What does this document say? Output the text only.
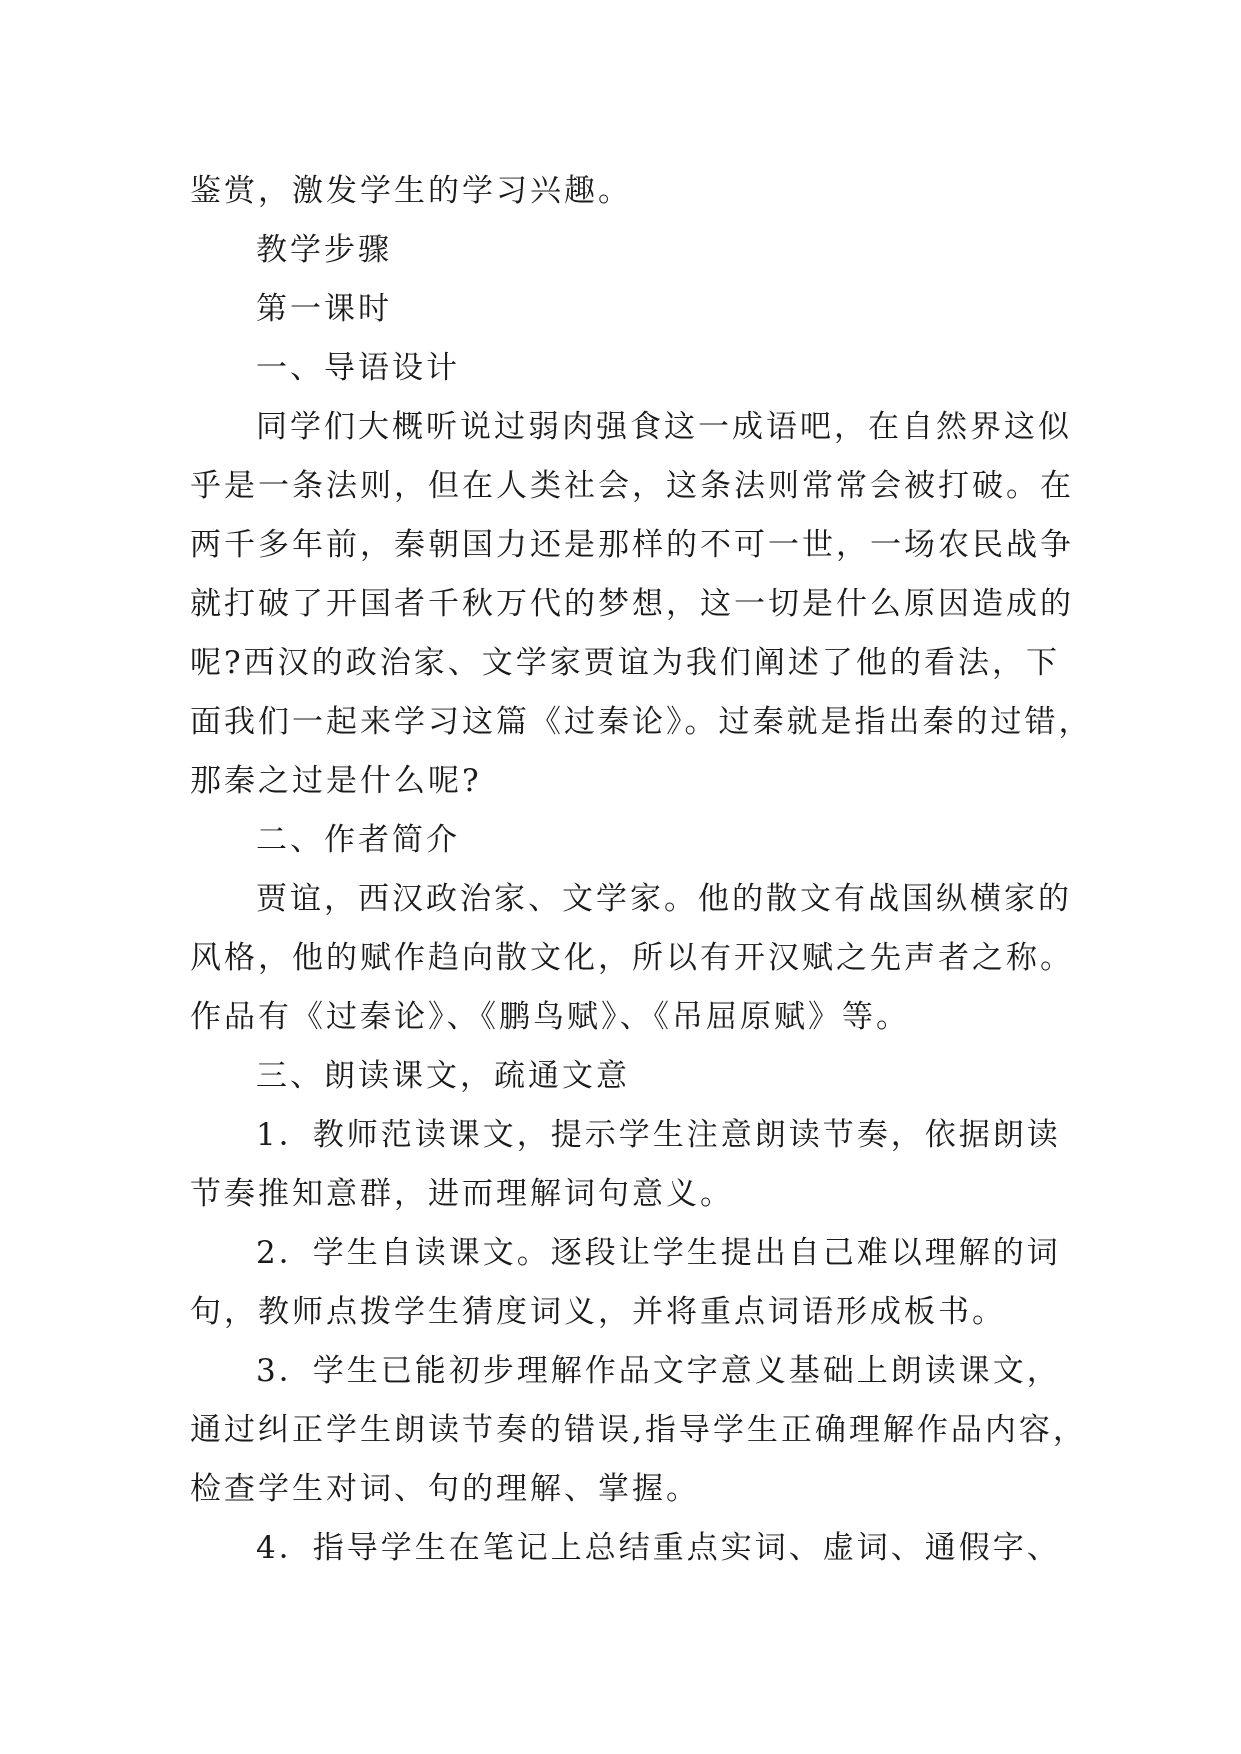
鉴赏，激发学生的学习兴趣。
教学步骤
第一课时
一、导语设计
同学们大概听说过弱肉强食这一成语吧，在自然界这似
乎是一条法则，但在人类社会，这条法则常常会被打破。在
两千多年前，秦朝国力还是那样的不可一世，一场农民战争
就打破了开国者千秋万代的梦想，这一切是什么原因造成的
呢?西汉的政治家、文学家贾谊为我们阐述了他的看法，下
面我们一起来学习这篇《过秦论》。过秦就是指出秦的过错，
那秦之过是什么呢?
二、作者简介
贾谊，西汉政治家、文学家。他的散文有战国纵横家的
风格，他的赋作趋向散文化，所以有开汉赋之先声者之称。
作品有《过秦论》、《鹏鸟赋》、《吊屈原赋》等。
三、朗读课文，疏通文意
1．教师范读课文，提示学生注意朗读节奏，依据朗读
节奏推知意群，进而理解词句意义。
2．学生自读课文。逐段让学生提出自己难以理解的词
句，教师点拨学生猜度词义，并将重点词语形成板书。
3．学生已能初步理解作品文字意义基础上朗读课文，
通过纠正学生朗读节奏的错误,指导学生正确理解作品内容，
检查学生对词、句的理解、掌握。
4．指导学生在笔记上总结重点实词、虚词、通假字、
